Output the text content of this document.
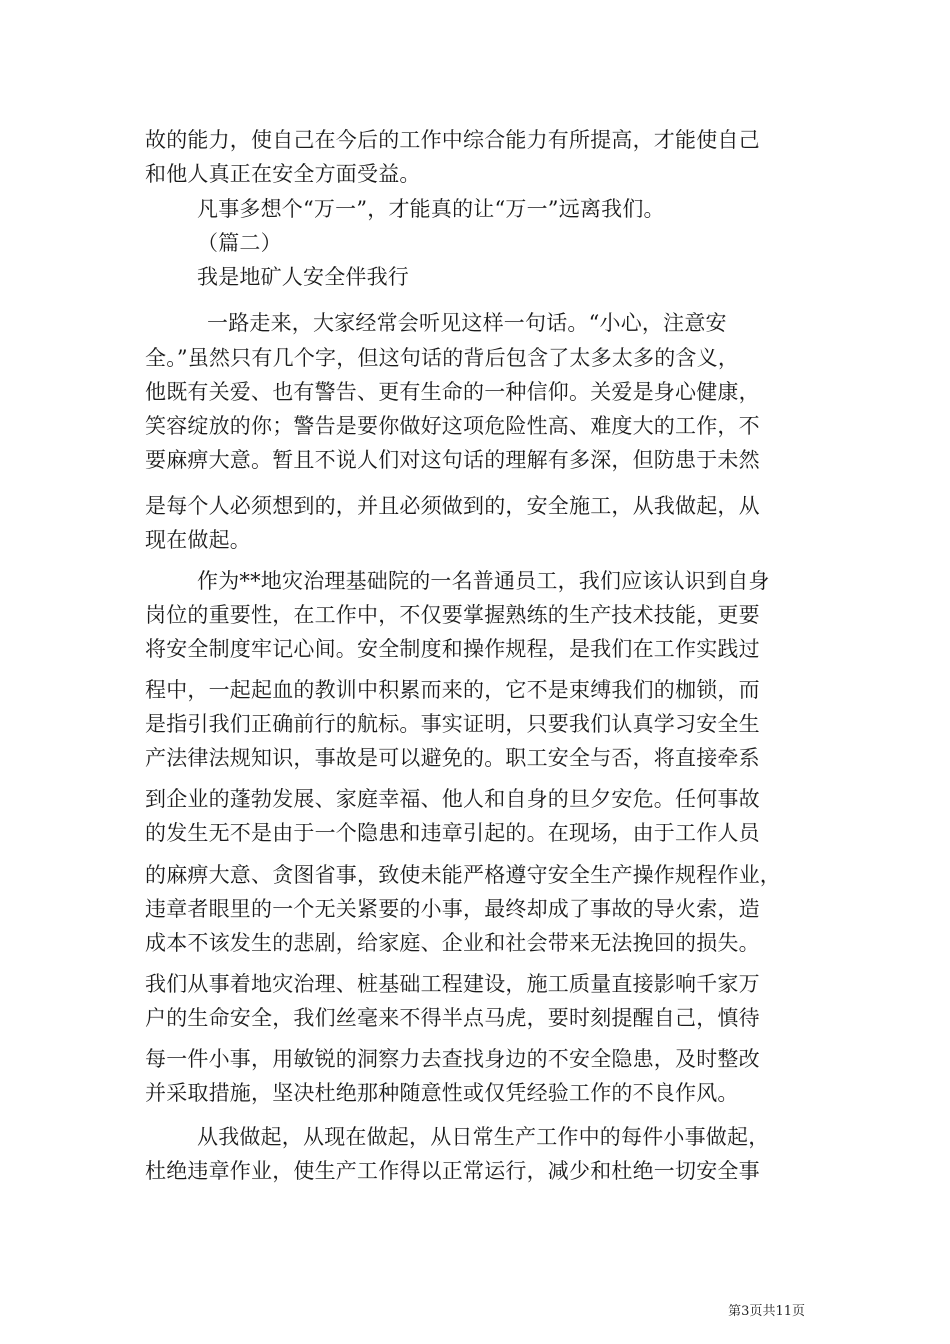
故的能力，使自己在今后的工作中综合能力有所提高，才能使自己
和他人真正在安全方面受益。
凡事多想个“万一”，才能真的让“万一”远离我们。
（篇二）
我是地矿人安全伴我行
一路走来，大家经常会听见这样一句话。“小心，注意安
全。”虽然只有几个字，但这句话的背后包含了太多太多的含义，
他既有关爱、也有警告、更有生命的一种信仰。关爱是身心健康，
笑容绽放的你；警告是要你做好这项危险性高、难度大的工作，不
要麻痹大意。暂且不说人们对这句话的理解有多深，但防患于未然
是每个人必须想到的，并且必须做到的，安全施工，从我做起，从
现在做起。
作为**地灾治理基础院的一名普通员工，我们应该认识到自身
岗位的重要性，在工作中，不仅要掌握熟练的生产技术技能，更要
将安全制度牢记心间。安全制度和操作规程，是我们在工作实践过
程中，一起起血的教训中积累而来的，它不是束缚我们的枷锁，而
是指引我们正确前行的航标。事实证明，只要我们认真学习安全生
产法律法规知识，事故是可以避免的。职工安全与否，将直接牵系
到企业的蓬勃发展、家庭幸福、他人和自身的旦夕安危。任何事故
的发生无不是由于一个隐患和违章引起的。在现场，由于工作人员
的麻痹大意、贪图省事，致使未能严格遵守安全生产操作规程作业，
违章者眼里的一个无关紧要的小事，最终却成了事故的导火索，造
成本不该发生的悲剧，给家庭、企业和社会带来无法挽回的损失。
我们从事着地灾治理、桩基础工程建设，施工质量直接影响千家万
户的生命安全，我们丝毫来不得半点马虎，要时刻提醒自己，慎待
每一件小事，用敏锐的洞察力去查找身边的不安全隐患，及时整改
并采取措施，坚决杜绝那种随意性或仅凭经验工作的不良作风。
从我做起，从现在做起，从日常生产工作中的每件小事做起，
杜绝违章作业，使生产工作得以正常运行，减少和杜绝一切安全事
第3页共11页
